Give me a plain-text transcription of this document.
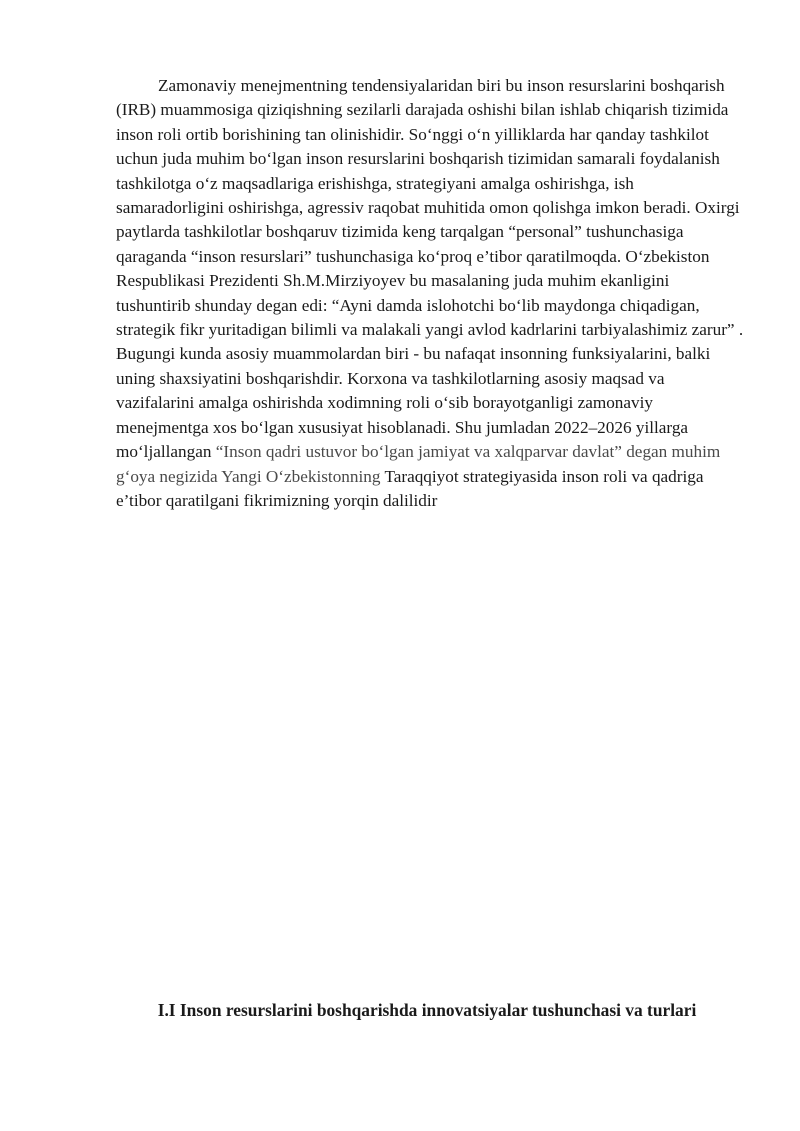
Zamonaviy menejmentning tendensiyalaridan biri bu inson resurslarini boshqarish (IRB) muammosiga qiziqishning sezilarli darajada oshishi bilan ishlab chiqarish tizimida inson roli ortib borishining tan olinishidir. So‘nggi o‘n yilliklarda har qanday tashkilot uchun juda muhim bo‘lgan inson resurslarini boshqarish tizimidan samarali foydalanish tashkilotga o‘z maqsadlariga erishishga, strategiyani amalga oshirishga, ish samaradorligini oshirishga, agressiv raqobat muhitida omon qolishga imkon beradi. Oxirgi paytlarda tashkilotlar boshqaruv tizimida keng tarqalgan “personal” tushunchasiga qaraganda “inson resurslari” tushunchasiga ko‘proq e’tibor qaratilmoqda. O‘zbekiston Respublikasi Prezidenti Sh.M.Mirziyoyev bu masalaning juda muhim ekanligini tushuntirib shunday degan edi: “Ayni damda islohotchi bo‘lib maydonga chiqadigan, strategik fikr yuritadigan bilimli va malakali yangi avlod kadrlarini tarbiyalashimiz zarur” . Bugungi kunda asosiy muammolardan biri - bu nafaqat insonning funksiyalarini, balki uning shaxsiyatini boshqarishdir. Korxona va tashkilotlarning asosiy maqsad va vazifalarini amalga oshirishda xodimning roli o‘sib borayotganligi zamonaviy menejmentga xos bo‘lgan xususiyat hisoblanadi. Shu jumladan 2022–2026 yillarga mo‘ljallangan “Inson qadri ustuvor bo‘lgan jamiyat va xalqparvar davlat” degan muhim g‘oya negizida Yangi O‘zbekistonning Taraqqiyot strategiyasida inson roli va qadriga e’tibor qaratilgani fikrimizning yorqin dalilidir

I.I Inson resurslarini boshqarishda innovatsiyalar tushunchasi va turlari
